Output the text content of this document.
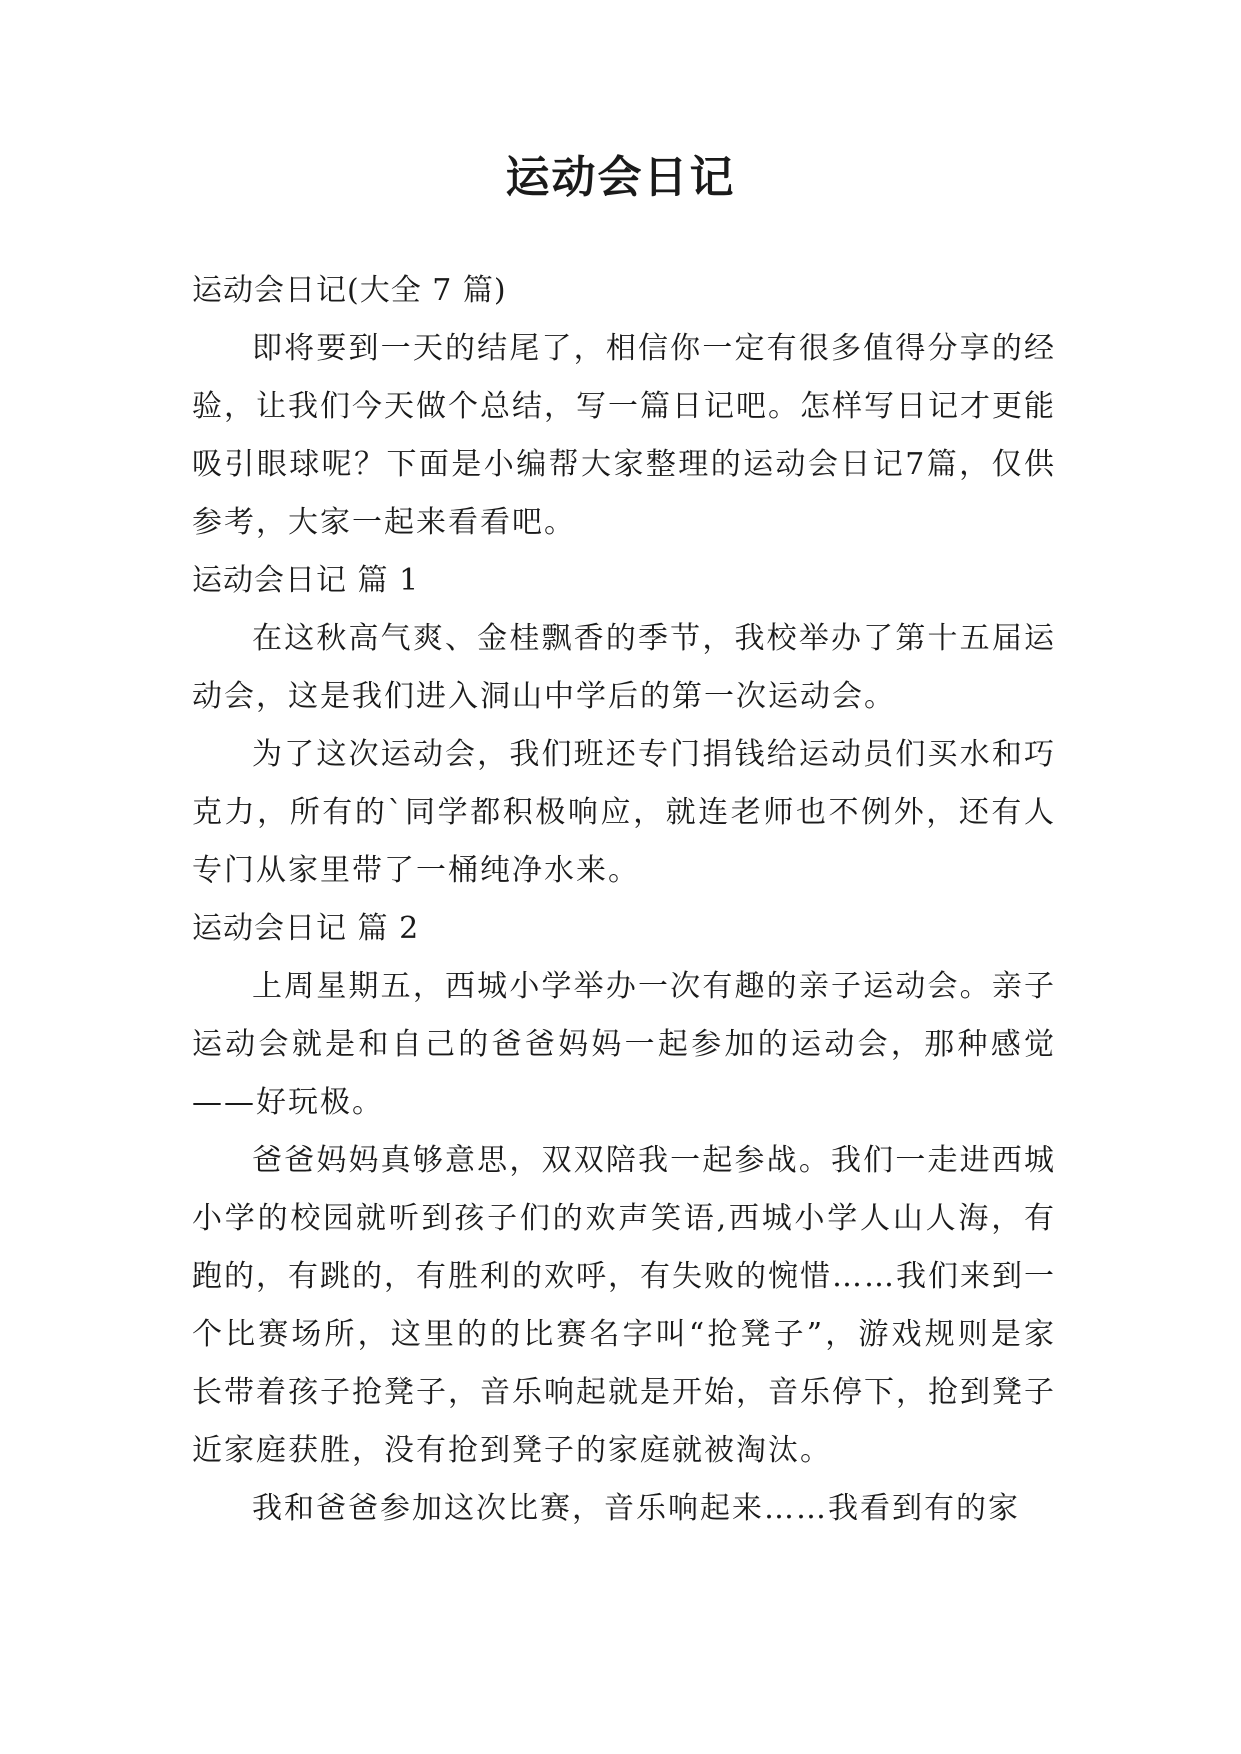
运动会日记

运动会日记(大全 7 篇)

即将要到一天的结尾了，相信你一定有很多值得分享的经验，让我们今天做个总结，写一篇日记吧。怎样写日记才更能吸引眼球呢？下面是小编帮大家整理的运动会日记7篇，仅供参考，大家一起来看看吧。

运动会日记 篇 1

在这秋高气爽、金桂飘香的季节，我校举办了第十五届运动会，这是我们进入洞山中学后的第一次运动会。

为了这次运动会，我们班还专门捐钱给运动员们买水和巧克力，所有的`同学都积极响应，就连老师也不例外，还有人专门从家里带了一桶纯净水来。

运动会日记 篇 2

上周星期五，西城小学举办一次有趣的亲子运动会。亲子运动会就是和自己的爸爸妈妈一起参加的运动会，那种感觉——好玩极。

爸爸妈妈真够意思，双双陪我一起参战。我们一走进西城小学的校园就听到孩子们的欢声笑语,西城小学人山人海，有跑的，有跳的，有胜利的欢呼，有失败的惋惜……我们来到一个比赛场所，这里的的比赛名字叫“抢凳子”，游戏规则是家长带着孩子抢凳子，音乐响起就是开始，音乐停下，抢到凳子近家庭获胜，没有抢到凳子的家庭就被淘汰。

我和爸爸参加这次比赛，音乐响起来……我看到有的家
